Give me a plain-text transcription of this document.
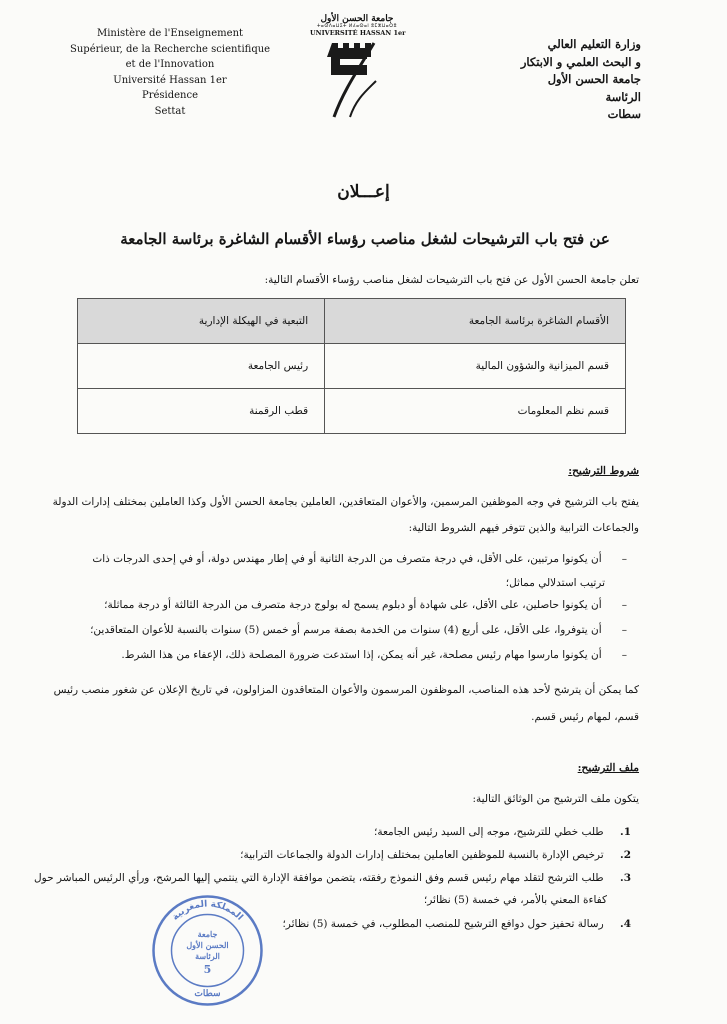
Ministère de l'Enseignement
Supérieur, de la Recherche scientifique
et de l'Innovation
Université Hassan 1er
Présidence
Settat
جامعة الحسن الأول
ⵜⴰⵙⴷⴰⵡⵉⵜ ⵍⵃⴰⵙⴰⵏ ⵓⵎⵣⵡⴰⵔⵓ
UNIVERSITÉ HASSAN 1er
وزارة التعليم العالي
و البحث العلمي و الابتكار
جامعة الحسن الأول
الرئاسة
سطات
إعـــلان
عن فتح باب الترشيحات لشغل مناصب رؤساء الأقسام الشاغرة برئاسة الجامعة
تعلن جامعة الحسن الأول عن فتح باب الترشيحات لشغل مناصب رؤساء الأقسام التالية:
الأقسام الشاغرة برئاسة الجامعة	التبعية في الهيكلة الإدارية
قسم الميزانية والشؤون المالية	رئيس الجامعة
قسم نظم المعلومات	قطب الرقمنة
شروط الترشيح:
يفتح باب الترشيح في وجه الموظفين المرسمين، والأعوان المتعاقدين، العاملين بجامعة الحسن الأول وكذا العاملين بمختلف إدارات الدولة
والجماعات الترابية والذين تتوفر فيهم الشروط التالية:
– أن يكونوا مرتبين، على الأقل، في درجة متصرف من الدرجة الثانية أو في إطار مهندس دولة، أو في إحدى الدرجات ذات
ترتيب استدلالي مماثل؛
– أن يكونوا حاصلين، على الأقل، على شهادة أو دبلوم يسمح له بولوج درجة متصرف من الدرجة الثالثة أو درجة مماثلة؛
– أن يتوفروا، على الأقل، على أربع (4) سنوات من الخدمة بصفة مرسم أو خمس (5) سنوات بالنسبة للأعوان المتعاقدين؛
– أن يكونوا مارسوا مهام رئيس مصلحة، غير أنه يمكن، إذا استدعت ضرورة المصلحة ذلك، الإعفاء من هذا الشرط.
كما يمكن أن يترشح لأحد هذه المناصب، الموظفون المرسمون والأعوان المتعاقدون المزاولون، في تاريخ الإعلان عن شغور منصب رئيس
قسم، لمهام رئيس قسم.
ملف الترشيح:
يتكون ملف الترشيح من الوثائق التالية:
1. طلب خطي للترشيح، موجه إلى السيد رئيس الجامعة؛
2. ترخيص الإدارة بالنسبة للموظفين العاملين بمختلف إدارات الدولة والجماعات الترابية؛
3. طلب الترشح لتقلد مهام رئيس قسم وفق النموذج رفقته، يتضمن موافقة الإدارة التي ينتمي إليها المرشح، ورأي الرئيس المباشر حول
كفاءة المعني بالأمر، في خمسة (5) نظائر؛
4. رسالة تحفيز حول دوافع الترشيح للمنصب المطلوب، في خمسة (5) نظائر؛
المملكة المغربية
جامعة
الحسن الأول
الرئاسة
5
سطات
